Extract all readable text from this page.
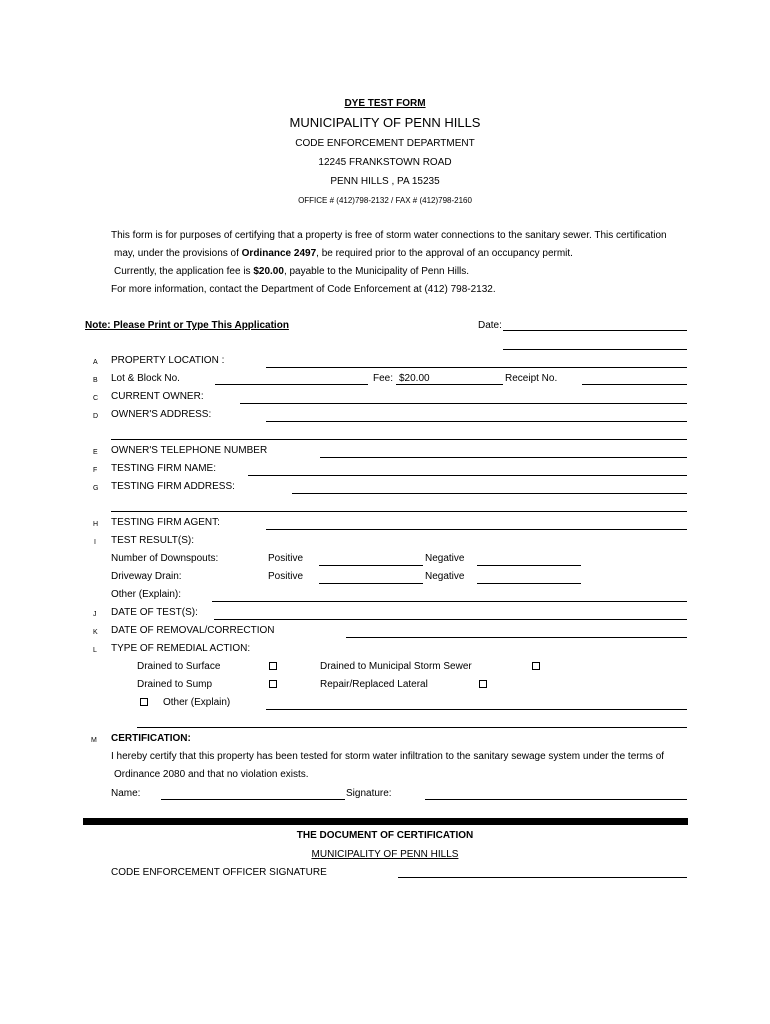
DYE TEST FORM
MUNICIPALITY OF PENN HILLS
CODE ENFORCEMENT DEPARTMENT
12245 FRANKSTOWN ROAD
PENN HILLS , PA 15235
OFFICE # (412)798-2132 / FAX # (412)798-2160
This form is for purposes of certifying that a property is free of storm water connections to the sanitary sewer. This certification
may, under the provisions of Ordinance 2497, be required prior to the approval of an occupancy permit.
Currently, the application fee is $20.00, payable to the Municipality of Penn Hills.
For more information, contact the Department of Code Enforcement at (412) 798-2132.
Note: Please Print or Type This Application	Date:
A PROPERTY LOCATION :
B Lot & Block No.	Fee: $20.00	Receipt No.
C CURRENT OWNER:
D OWNER'S ADDRESS:
E OWNER'S TELEPHONE NUMBER
F TESTING FIRM NAME:
G TESTING FIRM ADDRESS:
H TESTING FIRM AGENT:
I TEST RESULT(S):
Number of Downspouts:	Positive	Negative
Driveway Drain:	Positive	Negative
Other (Explain):
J DATE OF TEST(S):
K DATE OF REMOVAL/CORRECTION
L TYPE OF REMEDIAL ACTION:
Drained to Surface	Drained to Municipal Storm Sewer
Drained to Sump	Repair/Replaced Lateral
Other (Explain)
M CERTIFICATION:
I hereby certify that this property has been tested for storm water infiltration to the sanitary sewage system under the terms of
Ordinance 2080 and that no violation exists.
Name:	Signature:
THE DOCUMENT OF CERTIFICATION
MUNICIPALITY OF PENN HILLS
CODE ENFORCEMENT OFFICER SIGNATURE
